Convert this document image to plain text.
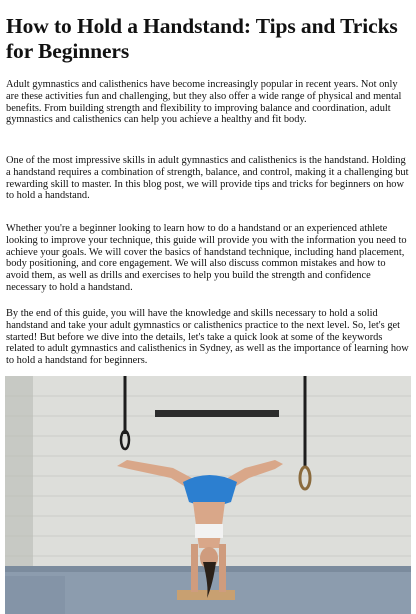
How to Hold a Handstand: Tips and Tricks for Beginners

Adult gymnastics and calisthenics have become increasingly popular in recent years. Not only are these activities fun and challenging, but they also offer a wide range of physical and mental benefits. From building strength and flexibility to improving balance and coordination, adult gymnastics and calisthenics can help you achieve a healthy and fit body.

One of the most impressive skills in adult gymnastics and calisthenics is the handstand. Holding a handstand requires a combination of strength, balance, and control, making it a challenging but rewarding skill to master. In this blog post, we will provide tips and tricks for beginners on how to hold a handstand.

Whether you're a beginner looking to learn how to do a handstand or an experienced athlete looking to improve your technique, this guide will provide you with the information you need to achieve your goals. We will cover the basics of handstand technique, including hand placement, body positioning, and core engagement. We will also discuss common mistakes and how to avoid them, as well as drills and exercises to help you build the strength and confidence necessary to hold a handstand.

By the end of this guide, you will have the knowledge and skills necessary to hold a solid handstand and take your adult gymnastics or calisthenics practice to the next level. So, let's get started! But before we dive into the details, let's take a quick look at some of the keywords related to adult gymnastics and calisthenics in Sydney, as well as the importance of learning how to hold a handstand for beginners.
